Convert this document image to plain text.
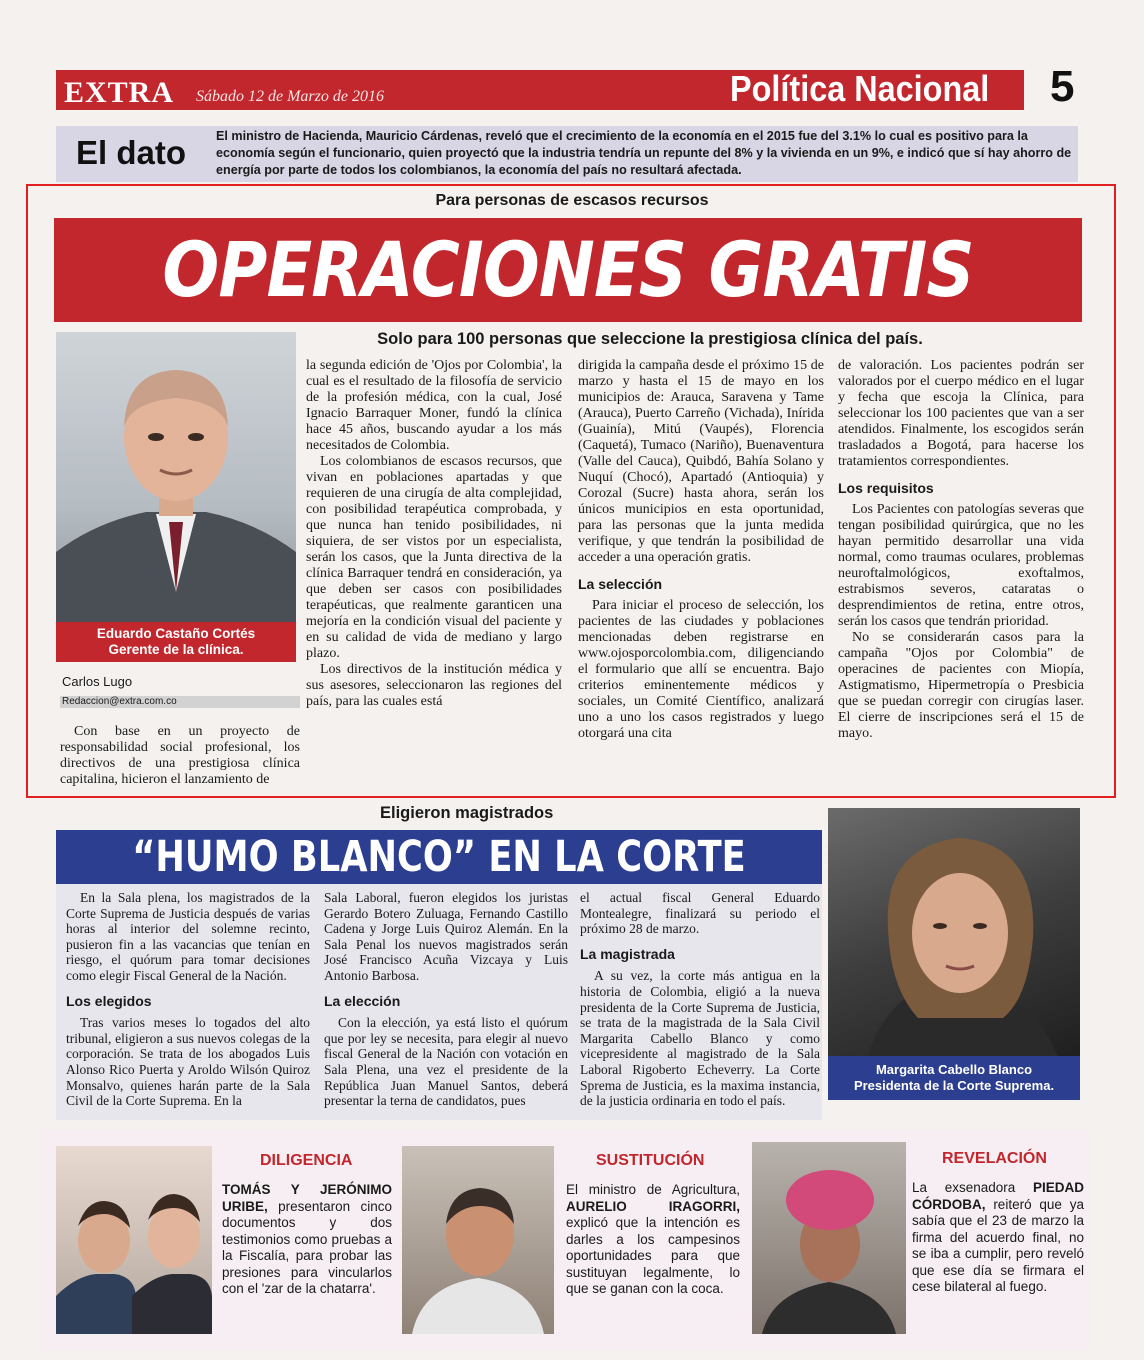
EXTRA Sábado 12 de Marzo de 2016	Política Nacional 5
El dato El ministro de Hacienda, Mauricio Cárdenas, reveló que el crecimiento de la economía en el 2015 fue del 3.1% lo cual es positivo para la economía según el funcionario, quien proyectó que la industria tendría un repunte del 8% y la vivienda en un 9%, e indicó que sí hay ahorro de energía por parte de todos los colombianos, la economía del país no resultará afectada.
Para personas de escasos recursos
OPERACIONES GRATIS
Solo para 100 personas que seleccione la prestigiosa clínica del país.
Eduardo Castaño Cortés
Gerente de la clínica.
Carlos Lugo
Redaccion@extra.com.co

Con base en un proyecto de responsabilidad social profesional, los directivos de una prestigiosa clínica capitalina, hicieron el lanzamiento de

la segunda edición de 'Ojos por Colombia', la cual es el resultado de la filosofía de servicio de la profesión médica, con la cual, José Ignacio Barraquer Moner, fundó la clínica hace 45 años, buscando ayudar a los más necesitados de Colombia.

Los colombianos de escasos recursos, que vivan en poblaciones apartadas y que requieren de una cirugía de alta complejidad, con posibilidad terapéutica comprobada, y que nunca han tenido posibilidades, ni siquiera, de ser vistos por un especialista, serán los casos, que la Junta directiva de la clínica Barraquer tendrá en consideración, ya que deben ser casos con posibilidades terapéuticas, que realmente garanticen una mejoría en la condición visual del paciente y en su calidad de vida de mediano y largo plazo.

Los directivos de la institución médica y sus asesores, seleccionaron las regiones del país, para las cuales está

dirigida la campaña desde el próximo 15 de marzo y hasta el 15 de mayo en los municipios de: Arauca, Saravena y Tame (Arauca), Puerto Carreño (Vichada), Inírida (Guainía), Mitú (Vaupés), Florencia (Caquetá), Tumaco (Nariño), Buenaventura (Valle del Cauca), Quibdó, Bahía Solano y Nuquí (Chocó), Apartadó (Antioquia) y Corozal (Sucre) hasta ahora, serán los únicos municipios en esta oportunidad, para las personas que la junta medida verifique, y que tendrán la posibilidad de acceder a una operación gratis.

La selección

Para iniciar el proceso de selección, los pacientes de las ciudades y poblaciones mencionadas deben registrarse en www.ojosporcolombia.com, diligenciando el formulario que allí se encuentra. Bajo criterios eminentemente médicos y sociales, un Comité Científico, analizará uno a uno los casos registrados y luego otorgará una cita

de valoración. Los pacientes podrán ser valorados por el cuerpo médico en el lugar y fecha que escoja la Clínica, para seleccionar los 100 pacientes que van a ser atendidos. Finalmente, los escogidos serán trasladados a Bogotá, para hacerse los tratamientos correspondientes.

Los requisitos

Los Pacientes con patologías severas que tengan posibilidad quirúrgica, que no les hayan permitido desarrollar una vida normal, como traumas oculares, problemas neuroftalmológicos, exoftalmos, estrabismos severos, cataratas o desprendimientos de retina, entre otros, serán los casos que tendrán prioridad.

No se considerarán casos para la campaña "Ojos por Colombia" de operacines de pacientes con Miopía, Astigmatismo, Hipermetropía o Presbicia que se puedan corregir con cirugías laser. El cierre de inscripciones será el 15 de mayo.

Eligieron magistrados
“HUMO BLANCO” EN LA CORTE
Margarita Cabello Blanco
Presidenta de la Corte Suprema.

En la Sala plena, los magistrados de la Corte Suprema de Justicia después de varias horas al interior del solemne recinto, pusieron fin a las vacancias que tenían en riesgo, el quórum para tomar decisiones como elegir Fiscal General de la Nación.

Los elegidos

Tras varios meses lo togados del alto tribunal, eligieron a sus nuevos colegas de la corporación. Se trata de los abogados Luis Alonso Rico Puerta y Aroldo Wilsón Quiroz Monsalvo, quienes harán parte de la Sala Civil de la Corte Suprema. En la

Sala Laboral, fueron elegidos los juristas Gerardo Botero Zuluaga, Fernando Castillo Cadena y Jorge Luis Quiroz Alemán. En la Sala Penal los nuevos magistrados serán José Francisco Acuña Vizcaya y Luis Antonio Barbosa.

La elección

Con la elección, ya está listo el quórum que por ley se necesita, para elegir al nuevo fiscal General de la Nación con votación en Sala Plena, una vez el presidente de la República Juan Manuel Santos, deberá presentar la terna de candidatos, pues

el actual fiscal General Eduardo Montealegre, finalizará su periodo el próximo 28 de marzo.

La magistrada

A su vez, la corte más antigua en la historia de Colombia, eligió a la nueva presidenta de la Corte Suprema de Justicia, se trata de la magistrada de la Sala Civil Margarita Cabello Blanco y como vicepresidente al magistrado de la Sala Laboral Rigoberto Echeverry. La Corte Sprema de Justicia, es la maxima instancia, de la justicia ordinaria en todo el país.

DILIGENCIA
TOMÁS Y JERÓNIMO URIBE, presentaron cinco documentos y dos testimonios como pruebas a la Fiscalía, para probar las presiones para vincularlos con el 'zar de la chatarra'.
SUSTITUCIÓN
El ministro de Agricultura, AURELIO IRAGORRI, explicó que la intención es darles a los campesinos oportunidades para que sustituyan legalmente, lo que se ganan con la coca.
REVELACIÓN
La exsenadora PIEDAD CÓRDOBA, reiteró que ya sabía que el 23 de marzo la firma del acuerdo final, no se iba a cumplir, pero reveló que ese día se firmara el cese bilateral al fuego.
